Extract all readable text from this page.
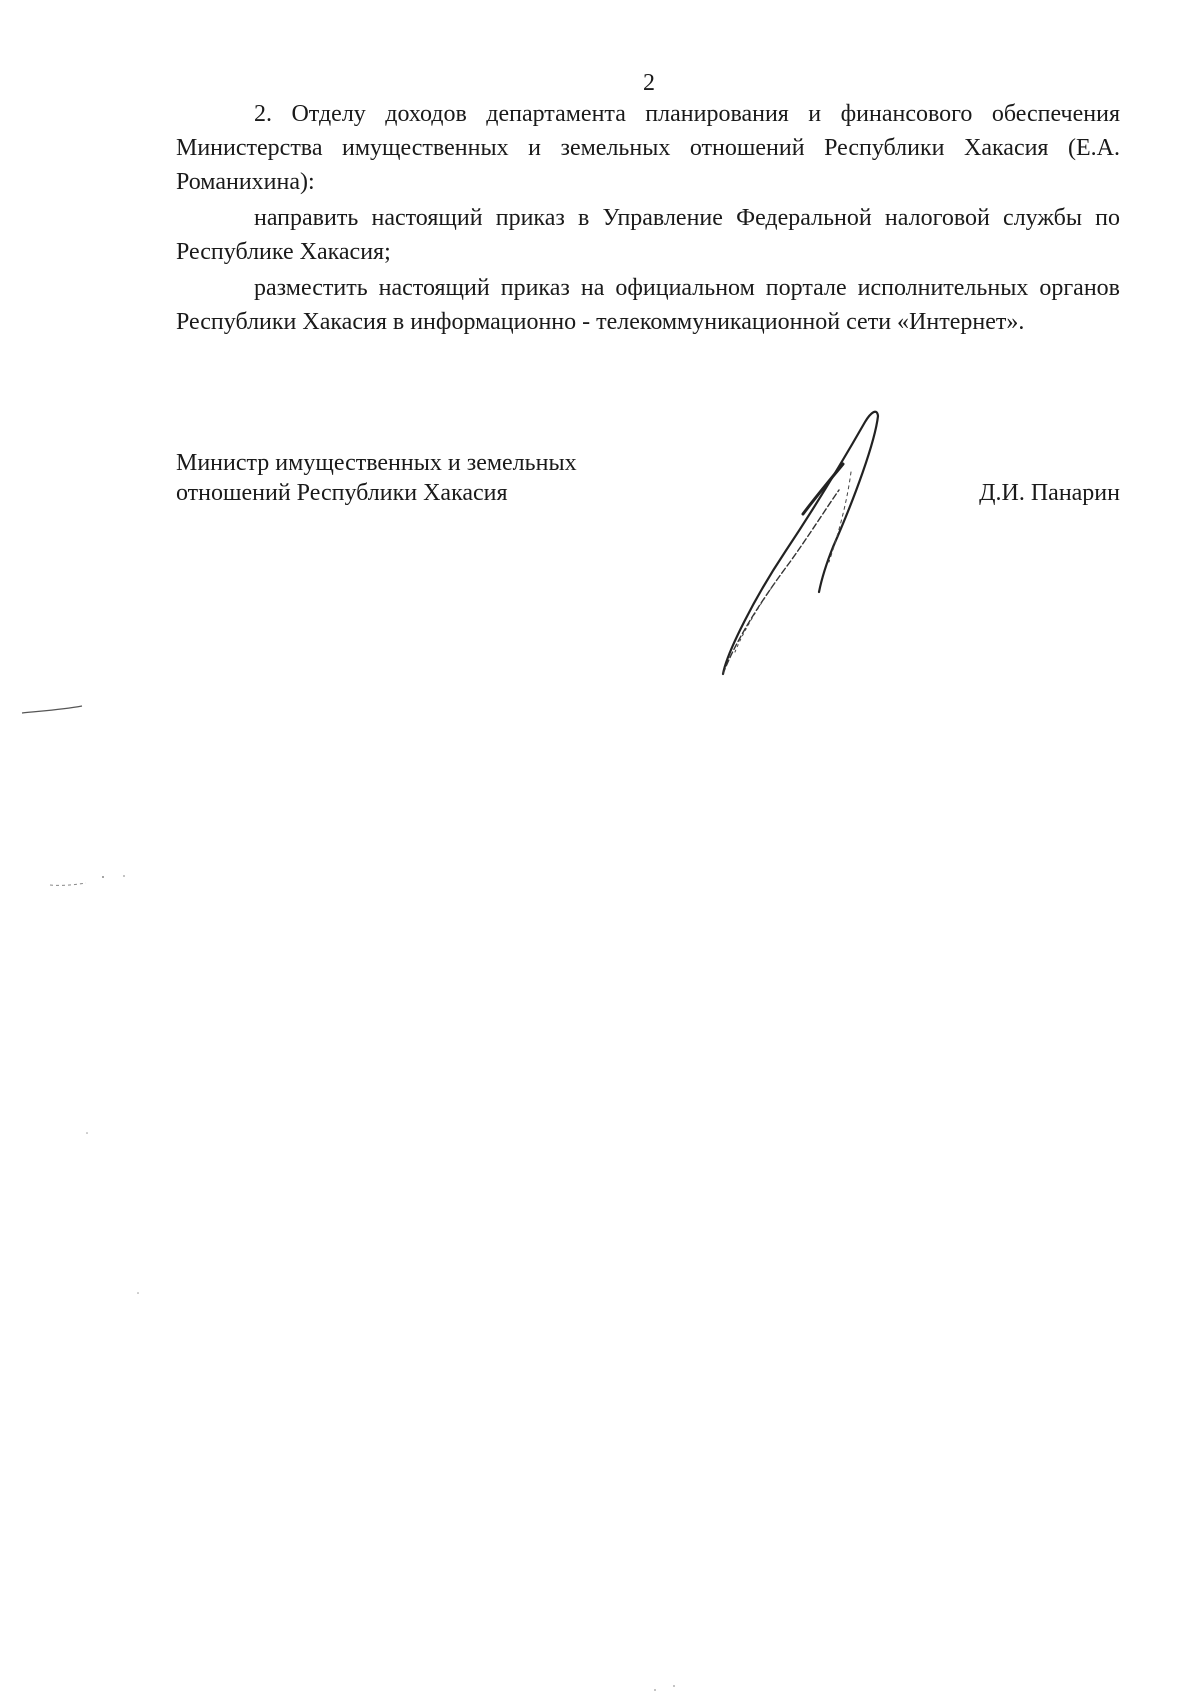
2

2. Отделу доходов департамента планирования и финансового обеспечения Министерства имущественных и земельных отношений Республики Хакасия (Е.А. Романихина):

направить настоящий приказ в Управление Федеральной налоговой службы по Республике Хакасия;

разместить настоящий приказ на официальном портале исполнительных органов Республики Хакасия в информационно - телекоммуникационной сети «Интернет».

Министр имущественных и земельных
отношений Республики Хакасия	Д.И. Панарин
